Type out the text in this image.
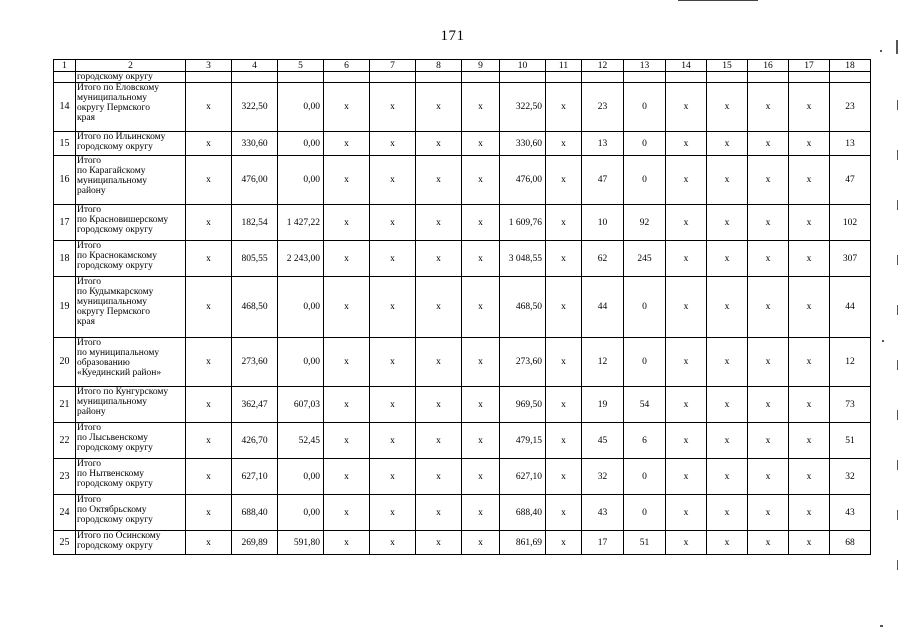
171
1	2	3	4	5	6	7	8	9	10	11	12	13	14	15	16	17	18
	городскому округу																
14	Итого по Еловскому
муниципальному
округу Пермского
края	x	322,50	0,00	x	x	x	x	322,50	x	23	0	x	x	x	x	23
15	Итого по Ильинскому
городскому округу	x	330,60	0,00	x	x	x	x	330,60	x	13	0	x	x	x	x	13
16	Итого
по Карагайскому
муниципальному
району	x	476,00	0,00	x	x	x	x	476,00	x	47	0	x	x	x	x	47
17	Итого
по Красновишерскому
городскому округу	x	182,54	1 427,22	x	x	x	x	1 609,76	x	10	92	x	x	x	x	102
18	Итого
по Краснокамскому
городскому округу	x	805,55	2 243,00	x	x	x	x	3 048,55	x	62	245	x	x	x	x	307
19	Итого
по Кудымкарскому
муниципальному
округу Пермского
края	x	468,50	0,00	x	x	x	x	468,50	x	44	0	x	x	x	x	44
20	Итого
по муниципальному
образованию
«Куединский район»	x	273,60	0,00	x	x	x	x	273,60	x	12	0	x	x	x	x	12
21	Итого по Кунгурскому
муниципальному
району	x	362,47	607,03	x	x	x	x	969,50	x	19	54	x	x	x	x	73
22	Итого
по Лысьвенскому
городскому округу	x	426,70	52,45	x	x	x	x	479,15	x	45	6	x	x	x	x	51
23	Итого
по Нытвенскому
городскому округу	x	627,10	0,00	x	x	x	x	627,10	x	32	0	x	x	x	x	32
24	Итого
по Октябрьскому
городскому округу	x	688,40	0,00	x	x	x	x	688,40	x	43	0	x	x	x	x	43
25	Итого по Осинскому
городскому округу	x	269,89	591,80	x	x	x	x	861,69	x	17	51	x	x	x	x	68
